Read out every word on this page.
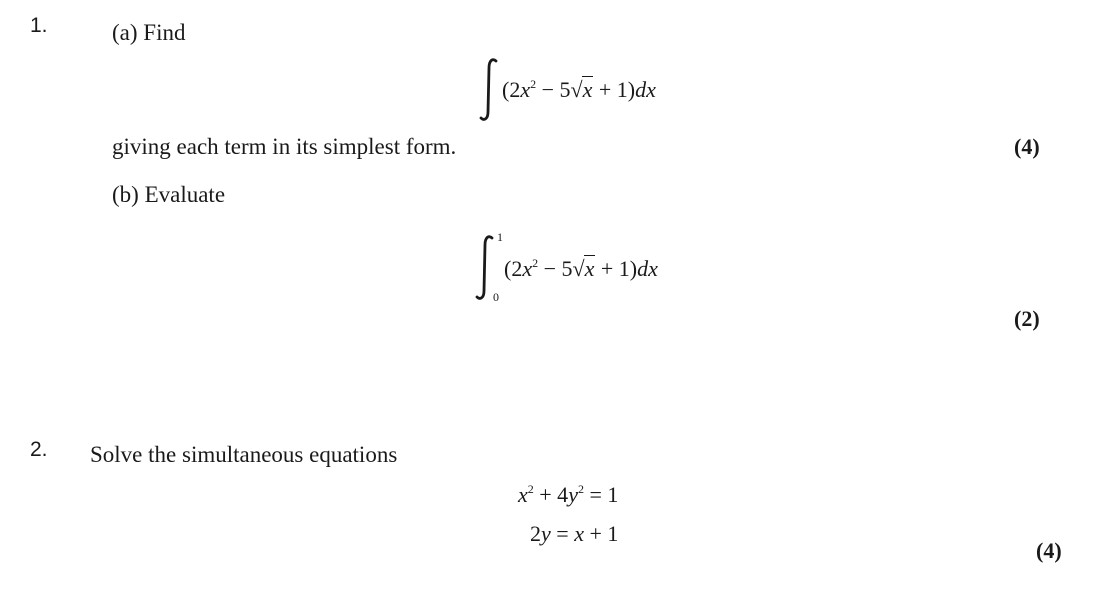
1.	(a) Find
$(2x^2 - 5√x + 1)dx$
giving each term in its simplest form.	(4)
(b) Evaluate
1
0
$(2x^2 - 5√x + 1)dx$
(2)
2. Solve the simultaneous equations
$x^2 + 4y^2 = 1$
2y = x + 1
(4)
